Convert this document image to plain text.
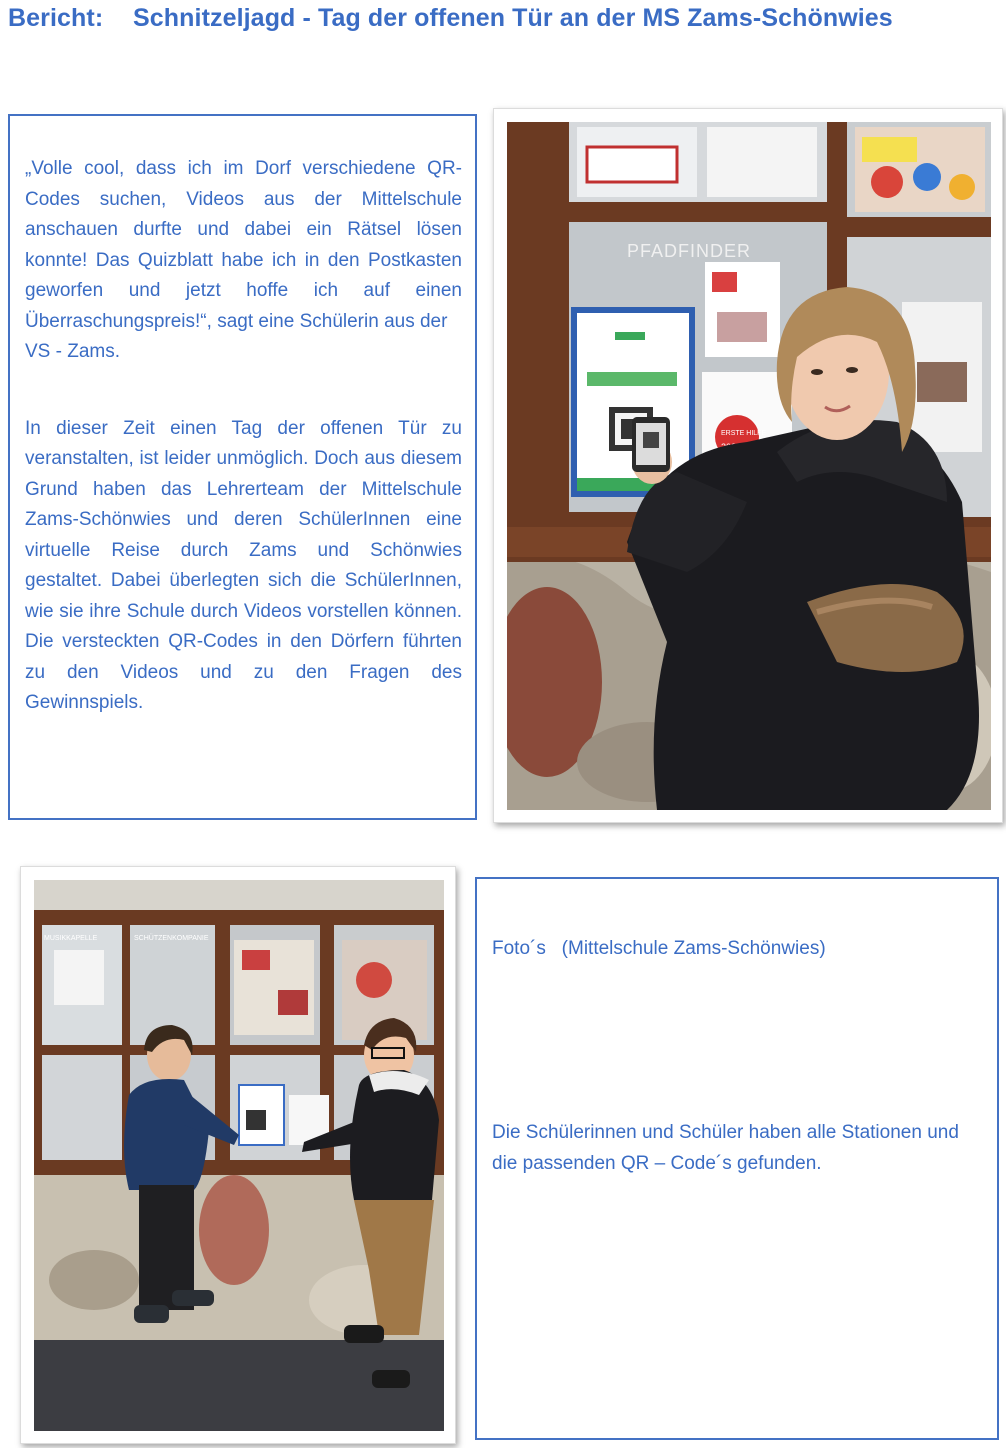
Bericht: Schnitzeljagd - Tag der offenen Tür an der MS Zams-Schönwies

„Volle cool, dass ich im Dorf verschiedene QR-Codes suchen, Videos aus der Mittelschule anschauen durfte und dabei ein Rätsel lösen konnte! Das Quizblatt habe ich in den Postkasten geworfen und jetzt hoffe ich auf einen Überraschungspreis!“, sagt eine Schülerin aus der

VS - Zams.

In dieser Zeit einen Tag der offenen Tür zu veranstalten, ist leider unmöglich. Doch aus diesem Grund haben das Lehrerteam der Mittelschule Zams-Schönwies und deren SchülerInnen eine virtuelle Reise durch Zams und Schönwies gestaltet. Dabei überlegten sich die SchülerInnen, wie sie ihre Schule durch Videos vorstellen können. Die versteckten QR-Codes in den Dörfern führten zu den Videos und zu den Fragen des Gewinnspiels.

PFADFINDER
ERSTE HILFE
MUSIKKAPELLE	SCHÜTZENKOMPANIE	Foto´s   (Mittelschule Zams-Schönwies)

Die Schülerinnen und Schüler haben alle Stationen und die passenden QR – Code´s gefunden.
